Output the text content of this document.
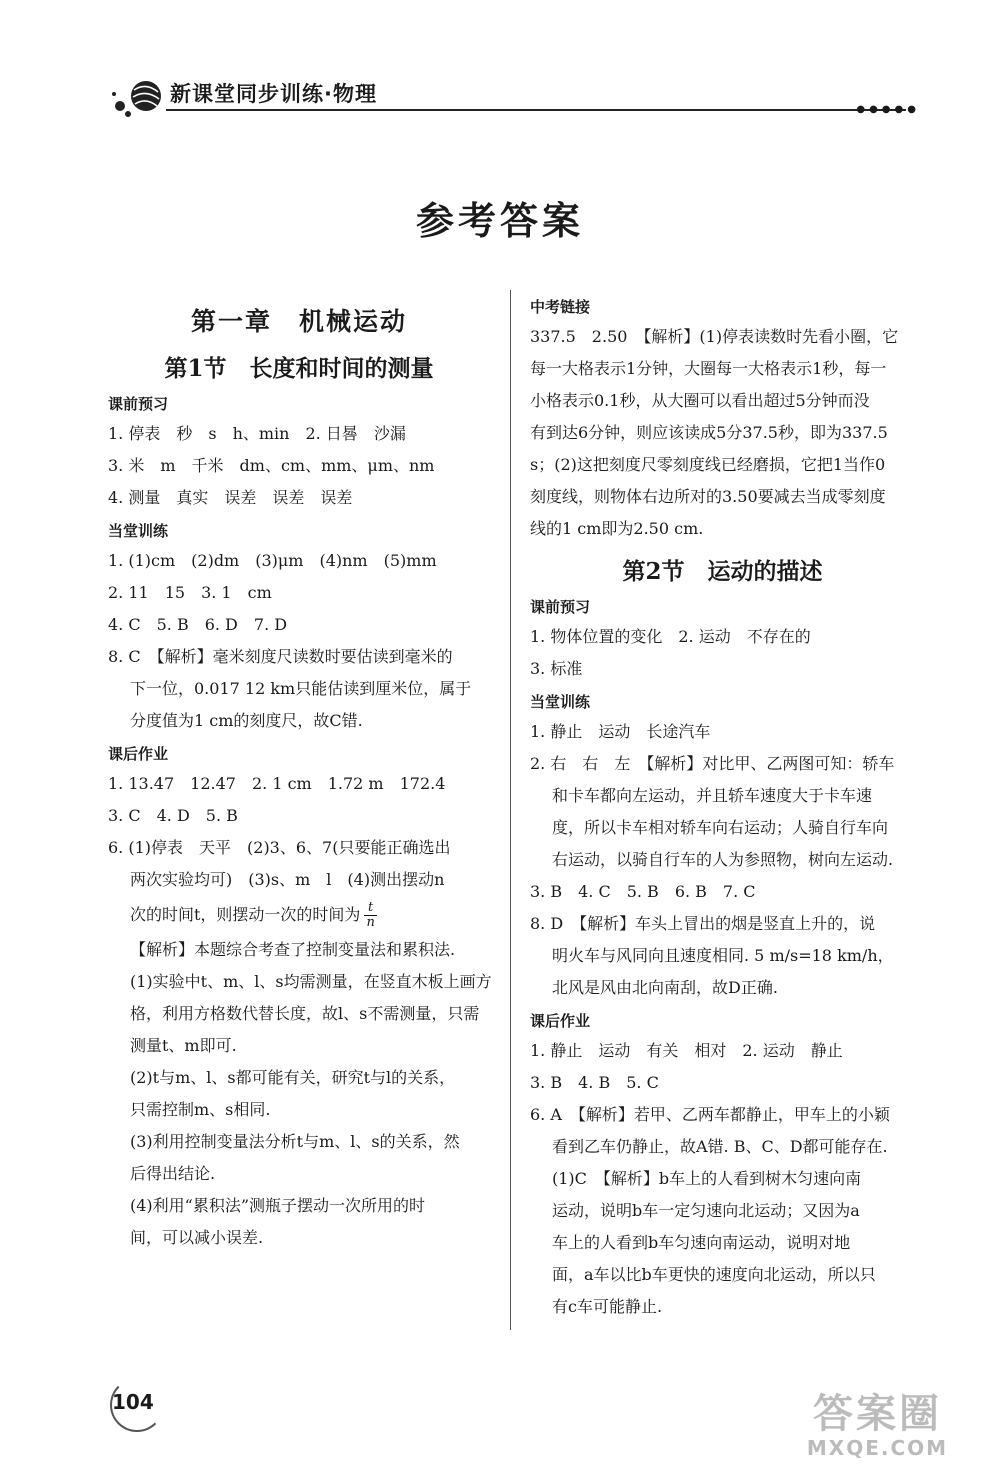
新课堂同步训练·物理
●●●●●
参考答案
第一章　机械运动
第1节　长度和时间的测量
课前预习
1. 停表　秒　s　h、min　2. 日晷　沙漏
3. 米　m　千米　dm、cm、mm、μm、nm
4. 测量　真实　误差　误差　误差
当堂训练
1. (1)cm　(2)dm　(3)μm　(4)nm　(5)mm
2. 11　15　3. 1　cm
4. C　5. B　6. D　7. D
8. C　【解析】毫米刻度尺读数时要估读到毫米的
下一位，0.017 12 km只能估读到厘米位，属于
分度值为1 cm的刻度尺，故C错.
课后作业
1. 13.47　12.47　2. 1 cm　1.72 m　172.4
3. C　4. D　5. B
6. (1)停表　天平　(2)3、6、7(只要能正确选出
两次实验均可)　(3)s、m　l　(4)测出摆动n
次的时间t，则摆动一次的时间为 $\frac{t}{n}$
【解析】本题综合考查了控制变量法和累积法.
(1)实验中t、m、l、s均需测量，在竖直木板上画方
格，利用方格数代替长度，故l、s不需测量，只需
测量t、m即可.
(2)t与m、l、s都可能有关，研究t与l的关系，
只需控制m、s相同.
(3)利用控制变量法分析t与m、l、s的关系，然
后得出结论.
(4)利用“累积法”测瓶子摆动一次所用的时
间，可以减小误差.
中考链接
337.5　2.50　【解析】(1)停表读数时先看小圈，它
每一大格表示1分钟，大圈每一大格表示1秒，每一
小格表示0.1秒，从大圈可以看出超过5分钟而没
有到达6分钟，则应该读成5分37.5秒，即为337.5
s；(2)这把刻度尺零刻度线已经磨损，它把1当作0
刻度线，则物体右边所对的3.50要减去当成零刻度
线的1 cm即为2.50 cm.
第2节　运动的描述
课前预习
1. 物体位置的变化　2. 运动　不存在的
3. 标准
当堂训练
1. 静止　运动　长途汽车
2. 右　右　左　【解析】对比甲、乙两图可知：轿车
和卡车都向左运动，并且轿车速度大于卡车速
度，所以卡车相对轿车向右运动；人骑自行车向
右运动，以骑自行车的人为参照物，树向左运动.
3. B　4. C　5. B　6. B　7. C
8. D　【解析】车头上冒出的烟是竖直上升的，说
明火车与风同向且速度相同. 5 m/s=18 km/h，
北风是风由北向南刮，故D正确.
课后作业
1. 静止　运动　有关　相对　2. 运动　静止
3. B　4. B　5. C
6. A　【解析】若甲、乙两车都静止，甲车上的小颖
看到乙车仍静止，故A错. B、C、D都可能存在.
(1)C　【解析】b车上的人看到树木匀速向南
运动，说明b车一定匀速向北运动；又因为a
车上的人看到b车匀速向南运动，说明对地
面，a车以比b车更快的速度向北运动，所以只
有c车可能静止.
104	答案圈
MXQE.COM
